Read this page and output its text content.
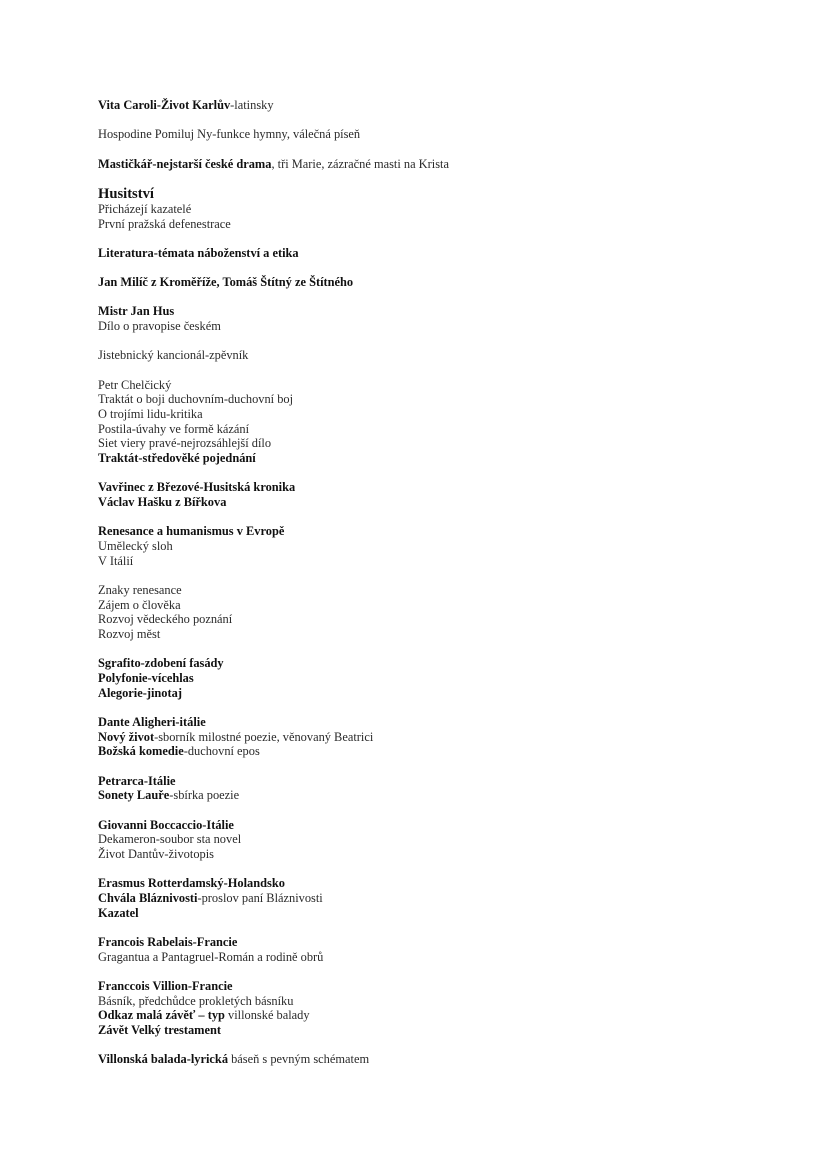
Vita Caroli-Život Karlův-latinsky
Hospodine Pomiluj Ny-funkce hymny, válečná píseň
Mastičkář-nejstarší české drama, tři Marie, zázračné masti na Krista
Husitství
Přicházejí kazatelé
První pražská defenestrace
Literatura-témata náboženství a etika
Jan Milíč z Kroměříže, Tomáš Štítný ze Štítného
Mistr Jan Hus
Dílo o pravopise českém
Jistebnický kancionál-zpěvník
Petr Chelčický
Traktát o boji duchovním-duchovní boj
O trojími lidu-kritika
Postila-úvahy ve formě kázání
Siet viery pravé-nejrozsáhlejší dílo
Traktát-středověké pojednání
Vavřinec z Březové-Husitská kronika
Václav Hašku z Bířkova
Renesance a humanismus v Evropě
Umělecký sloh
V Itálií
Znaky renesance
Zájem o člověka
Rozvoj vědeckého poznání
Rozvoj měst
Sgrafito-zdobení fasády
Polyfonie-vícehlas
Alegorie-jinotaj
Dante Aligheri-itálie
Nový život-sborník milostné poezie, věnovaný Beatrici
Božská komedie-duchovní epos
Petrarca-Itálie
Sonety Lauře-sbírka poezie
Giovanni Boccaccio-Itálie
Dekameron-soubor sta novel
Život Dantův-životopis
Erasmus Rotterdamský-Holandsko
Chvála Bláznivosti-proslov paní Bláznivosti
Kazatel
Francois Rabelais-Francie
Gragantua a Pantagruel-Román a rodině obrů
Franccois Villion-Francie
Básník, předchůdce prokletých básníku
Odkaz malá závěť – typ villonské balady
Závět Velký trestament
Villonská balada-lyrická báseň s pevným schématem
